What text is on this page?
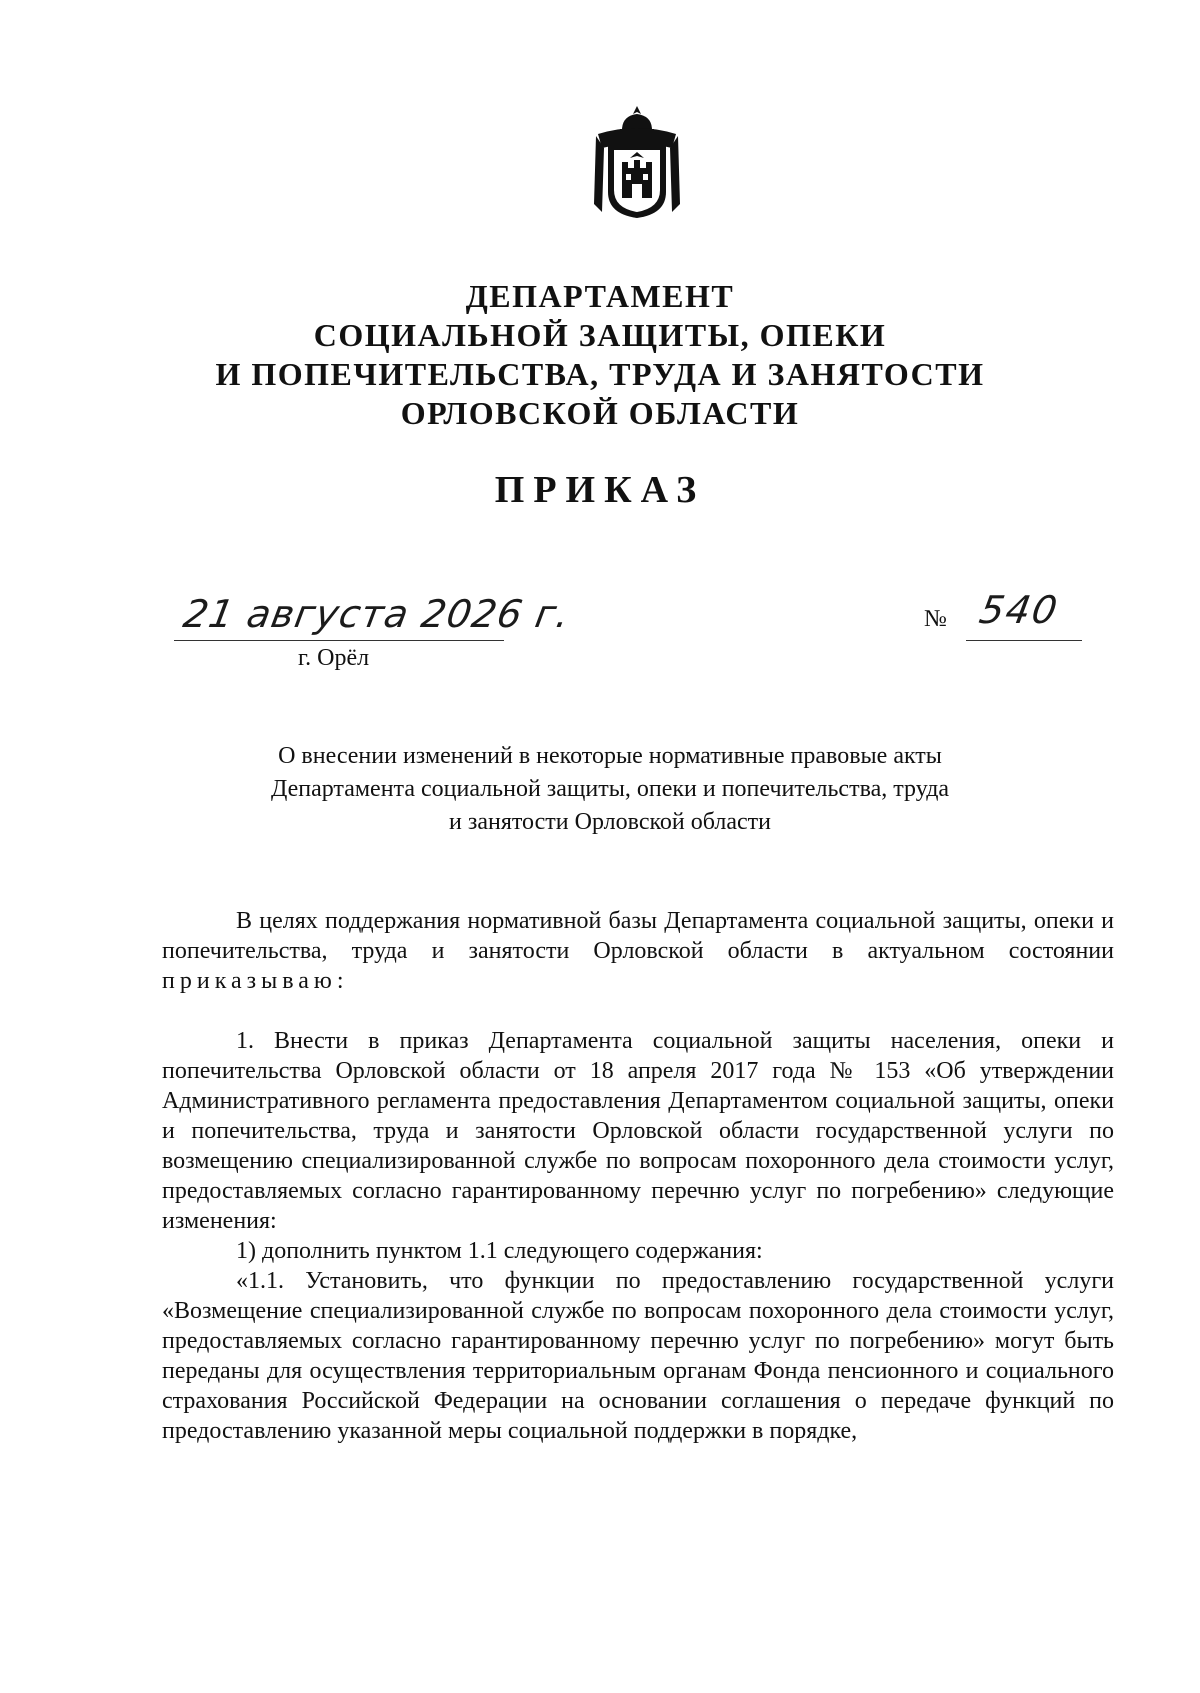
ДЕПАРТАМЕНТ
СОЦИАЛЬНОЙ ЗАЩИТЫ, ОПЕКИ
И ПОПЕЧИТЕЛЬСТВА, ТРУДА И ЗАНЯТОСТИ
ОРЛОВСКОЙ ОБЛАСТИ
ПРИКАЗ
21 августа 2026 г.
г. Орёл
№ 540
О внесении изменений в некоторые нормативные правовые акты
Департамента социальной защиты, опеки и попечительства, труда
и занятости Орловской области

В целях поддержания нормативной базы Департамента социальной защиты, опеки и попечительства, труда и занятости Орловской области в актуальном состоянии приказываю:

1. Внести в приказ Департамента социальной защиты населения, опеки и попечительства Орловской области от 18 апреля 2017 года № 153 «Об утверждении Административного регламента предоставления Департаментом социальной защиты, опеки и попечительства, труда и занятости Орловской области государственной услуги по возмещению специализированной службе по вопросам похоронного дела стоимости услуг, предоставляемых согласно гарантированному перечню услуг по погребению» следующие изменения:

1) дополнить пунктом 1.1 следующего содержания:

«1.1. Установить, что функции по предоставлению государственной услуги «Возмещение специализированной службе по вопросам похоронного дела стоимости услуг, предоставляемых согласно гарантированному перечню услуг по погребению» могут быть переданы для осуществления территориальным органам Фонда пенсионного и социального страхования Российской Федерации на основании соглашения о передаче функций по предоставлению указанной меры социальной поддержки в порядке,
